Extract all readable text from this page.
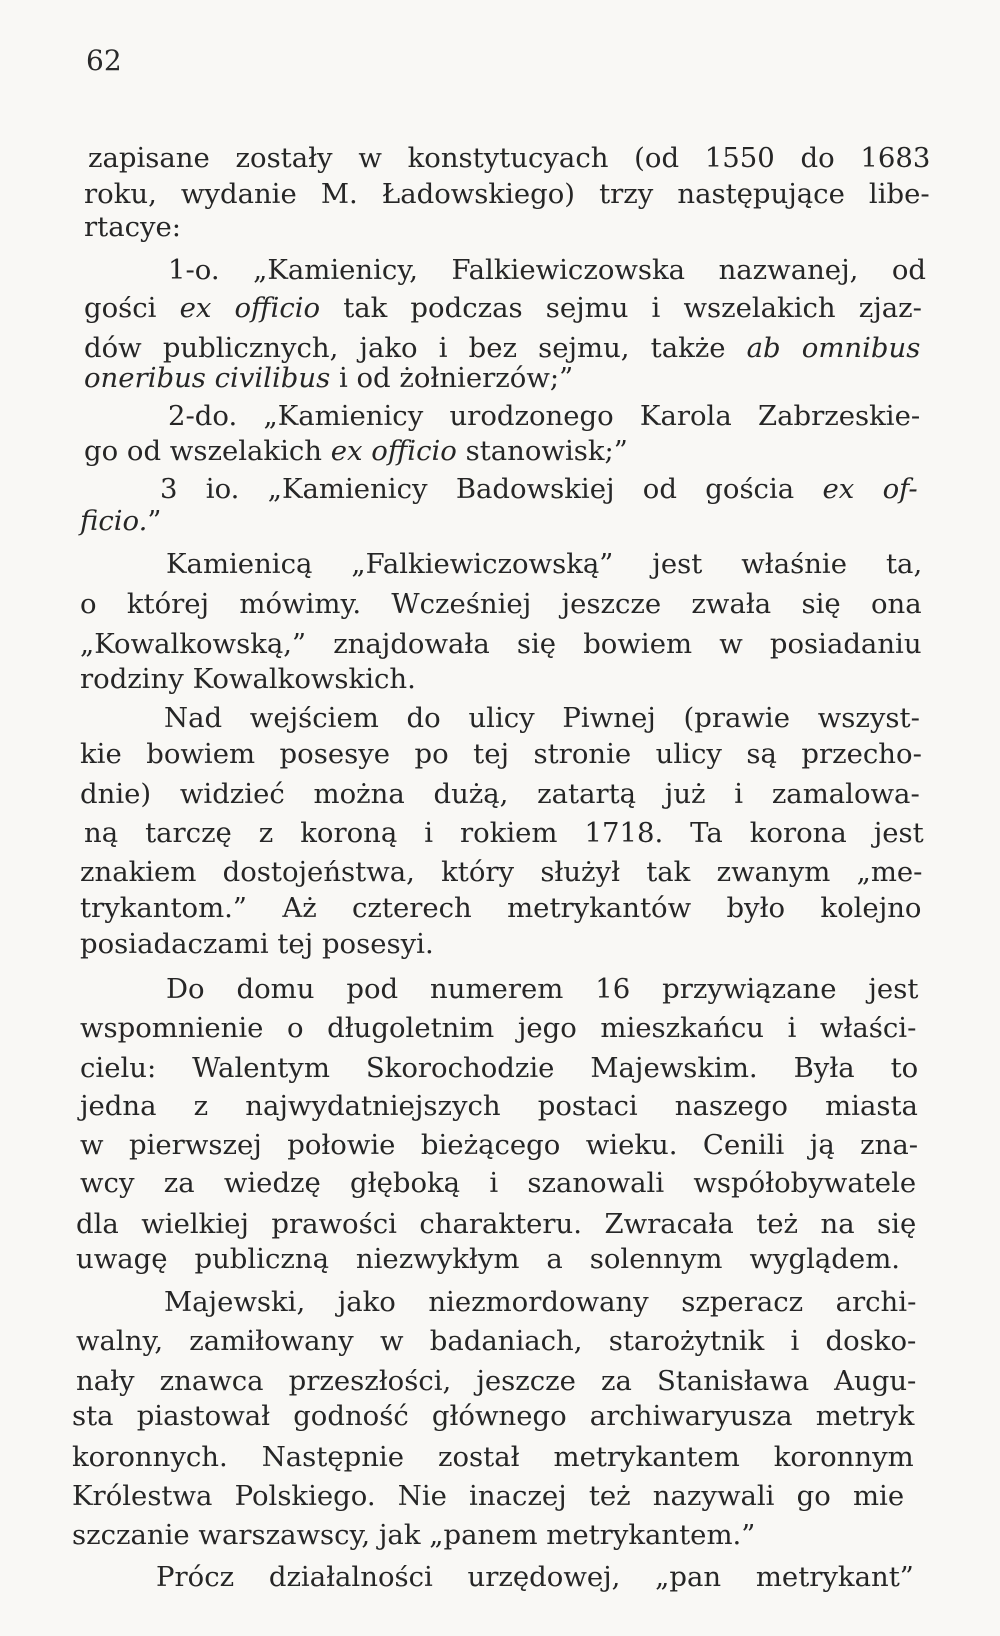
62
zapisane zostały w konstytucyach (od 1550 do 1683
roku, wydanie M. Ładowskiego) trzy następujące libe-
rtacye:
1-o. „Kamienicy, Falkiewiczowska nazwanej, od
gości ex officio tak podczas sejmu i wszelakich zjaz-
dów publicznych, jako i bez sejmu, także ab omnibus
oneribus civilibus i od żołnierzów;”
2-do. „Kamienicy urodzonego Karola Zabrzeskie-
go od wszelakich ex officio stanowisk;”
3 io. „Kamienicy Badowskiej od gościa ex of-
ficio.”
Kamienicą „Falkiewiczowską” jest właśnie ta,
o której mówimy. Wcześniej jeszcze zwała się ona
„Kowalkowską,” znajdowała się bowiem w posiadaniu
rodziny Kowalkowskich.
Nad wejściem do ulicy Piwnej (prawie wszyst-
kie bowiem posesye po tej stronie ulicy są przecho-
dnie) widzieć można dużą, zatartą już i zamalowa-
ną tarczę z koroną i rokiem 1718. Ta korona jest
znakiem dostojeństwa, który służył tak zwanym „me-
trykantom.” Aż czterech metrykantów było kolejno
posiadaczami tej posesyi.
Do domu pod numerem 16 przywiązane jest
wspomnienie o długoletnim jego mieszkańcu i właści-
cielu: Walentym Skorochodzie Majewskim. Była to
jedna z najwydatniejszych postaci naszego miasta
w pierwszej połowie bieżącego wieku. Cenili ją zna-
wcy za wiedzę głęboką i szanowali współobywatele
dla wielkiej prawości charakteru. Zwracała też na się
uwagę publiczną niezwykłym a solennym wyglądem.
Majewski, jako niezmordowany szperacz archi-
walny, zamiłowany w badaniach, starożytnik i dosko-
nały znawca przeszłości, jeszcze za Stanisława Augu-
sta piastował godność głównego archiwaryusza metryk
koronnych. Następnie został metrykantem koronnym
Królestwa Polskiego. Nie inaczej też nazywali go mie
szczanie warszawscy, jak „panem metrykantem.”
Prócz działalności urzędowej, „pan metrykant”
